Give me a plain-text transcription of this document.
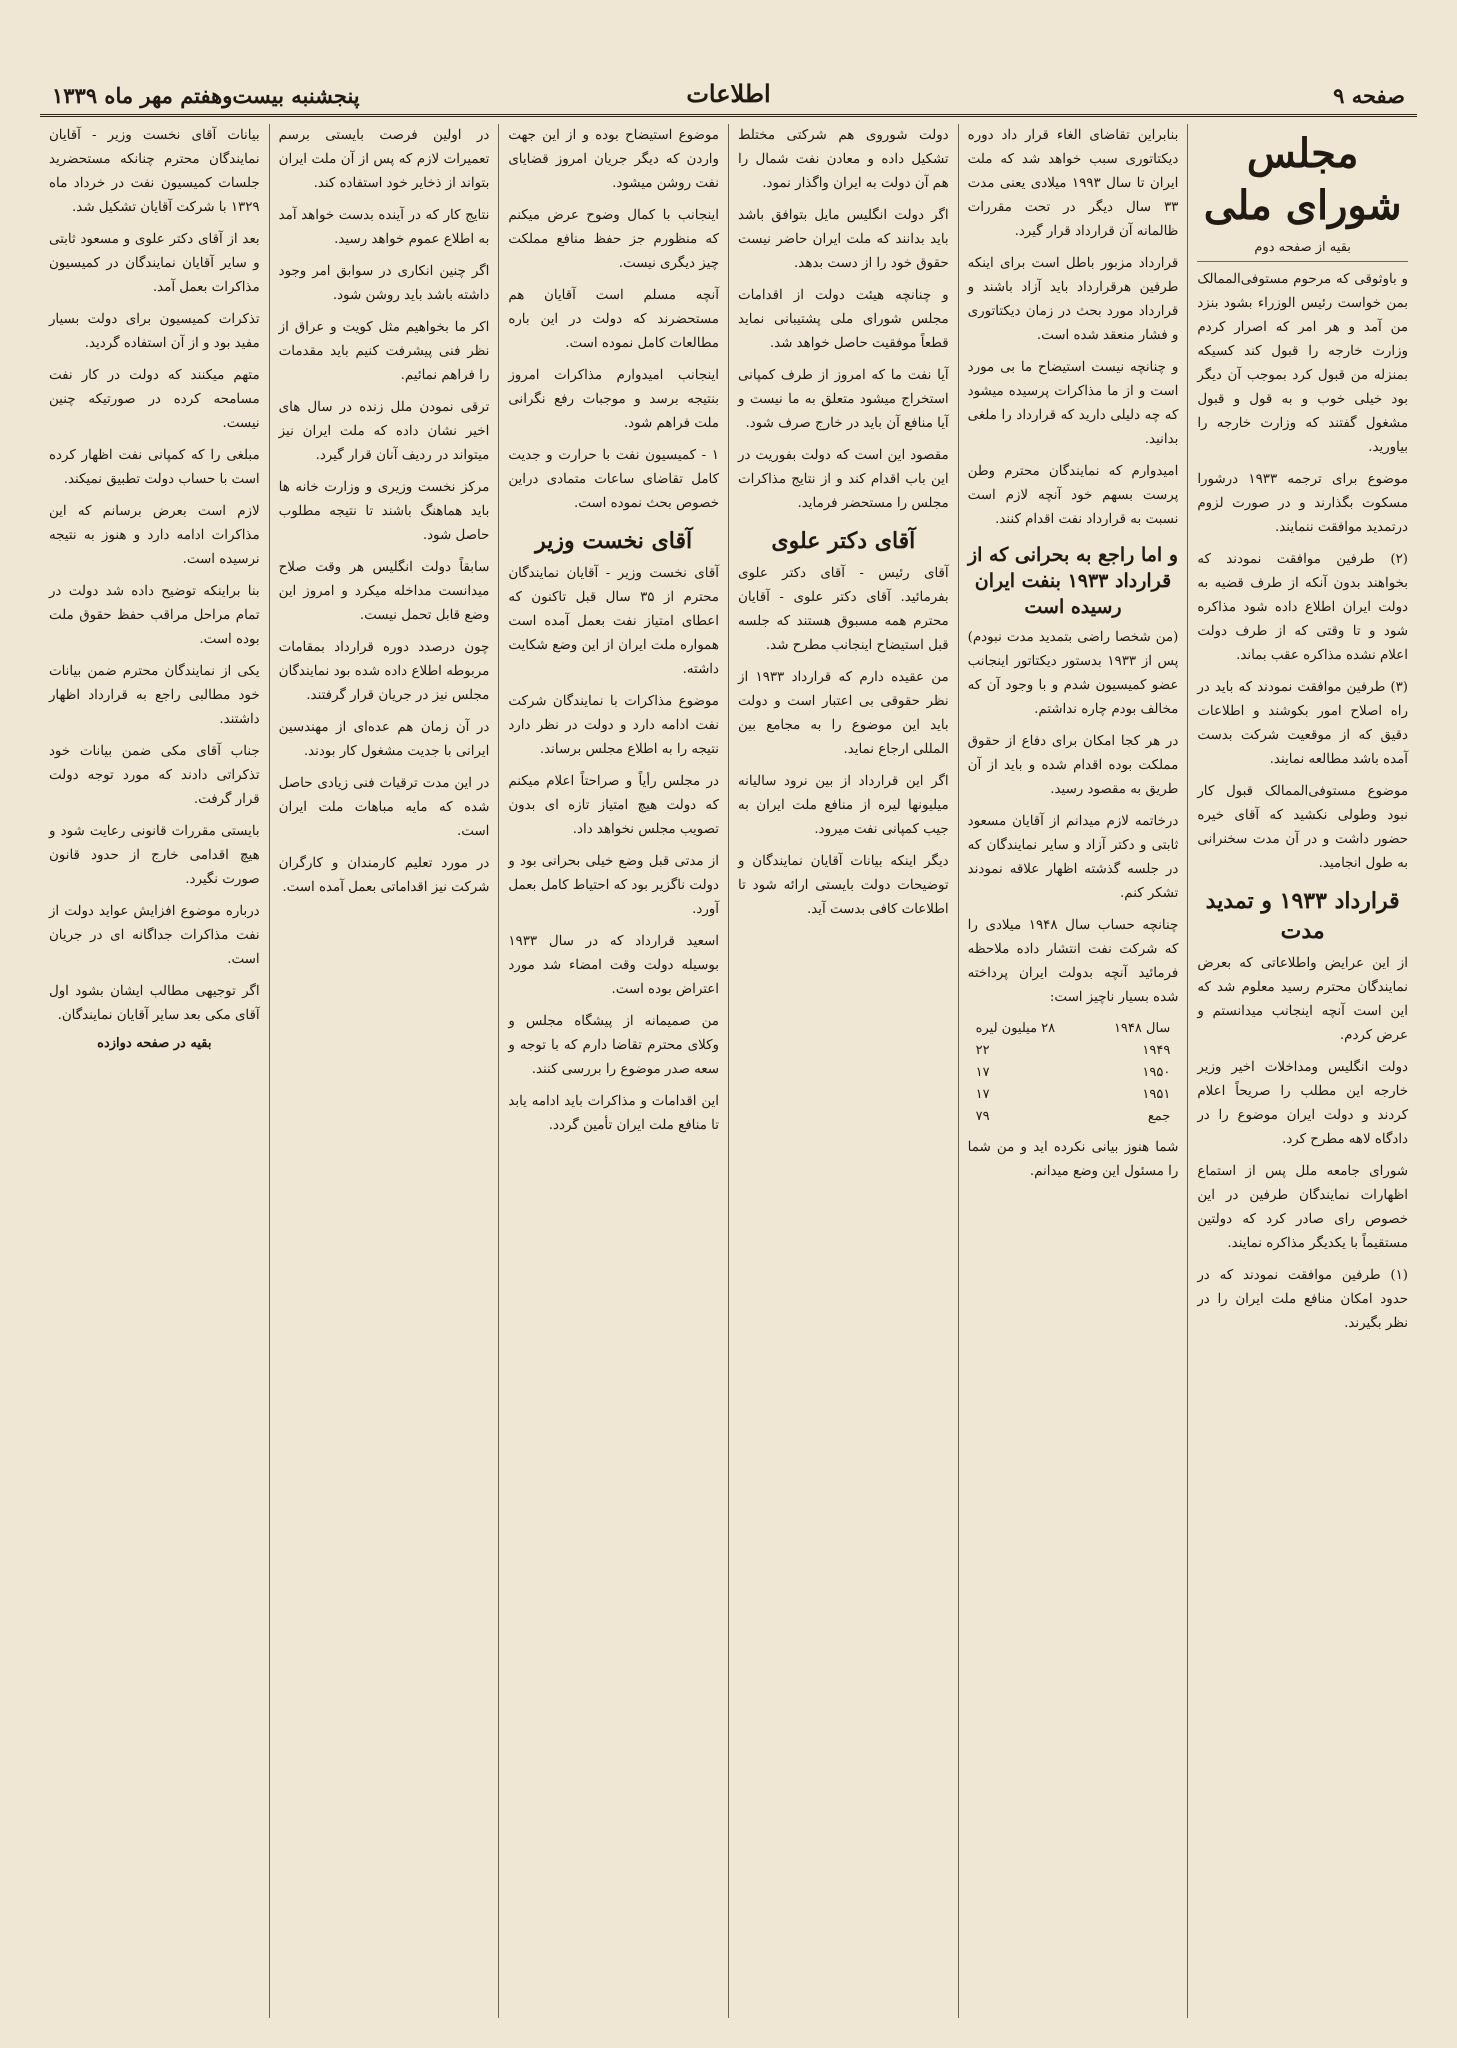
پنجشنبه بیست‌وهفتم مهر ماه ۱۳۳۹	اطلاعات	صفحه ۹
مجلس شورای ملی
بقیه از صفحه دوم

و باوثوقی که مرحوم مستوفی‌الممالک بمن خواست رئیس الوزراء بشود بنزد من آمد و هر امر که اصرار کردم وزارت خارجه را قبول کند کسیکه بمنزله من قبول کرد بموجب آن دیگر بود خیلی خوب و به قول و قبول مشغول گفتند که وزارت خارجه را بیاورید.

موضوع برای ترجمه ۱۹۳۳ درشورا مسکوت بگذارند و در صورت لزوم درتمدید موافقت ننمایند.

(۲) طرفین موافقت نمودند که بخواهند بدون آنکه از طرف قضیه به دولت ایران اطلاع داده شود مذاکره شود و تا وقتی که از طرف دولت اعلام نشده مذاکره عقب بماند.

(۳) طرفین موافقت نمودند که باید در راه اصلاح امور بکوشند و اطلاعات دقیق که از موقعیت شرکت بدست آمده باشد مطالعه نمایند.

موضوع مستوفی‌الممالک قبول کار نبود وطولی نکشید که آقای خیره حضور داشت و در آن مدت سخنرانی به طول انجامید.

قرارداد ۱۹۳۳ و تمدید مدت

از این عرایض واطلاعاتی که بعرض نمایندگان محترم رسید معلوم شد که این است آنچه اینجانب میدانستم و عرض کردم.

دولت انگلیس ومداخلات اخیر وزیر خارجه این مطلب را صریحاً اعلام کردند و دولت ایران موضوع را در دادگاه لاهه مطرح کرد.

شورای جامعه ملل پس از استماع اظهارات نمایندگان طرفین در این خصوص رای صادر کرد که دولتین مستقیماً با یکدیگر مذاکره نمایند.

(۱) طرفین موافقت نمودند که در حدود امکان منافع ملت ایران را در نظر بگیرند.

بنابراین تقاضای الغاء قرار داد دوره دیکتاتوری سبب خواهد شد که ملت ایران تا سال ۱۹۹۳ میلادی یعنی مدت ۳۳ سال دیگر در تحت مقررات ظالمانه آن قرارداد قرار گیرد.

قرارداد مزبور باطل است برای اینکه طرفین هرقرارداد باید آزاد باشند و قرارداد مورد بحث در زمان دیکتاتوری و فشار منعقد شده است.

و چنانچه نیست استیضاح ما بی مورد است و از ما مذاکرات پرسیده میشود که چه دلیلی دارید که قرارداد را ملغی بدانید.

امیدوارم که نمایندگان محترم وطن پرست بسهم خود آنچه لازم است نسبت به قرارداد نفت اقدام کنند.

و اما راجع به بحرانی که از قرارداد ۱۹۳۳ بنفت ایران رسیده است

(من شخصا راضی بتمدید مدت نبودم) پس از ۱۹۳۳ بدستور دیکتاتور اینجانب عضو کمیسیون شدم و با وجود آن که مخالف بودم چاره نداشتم.

در هر کجا امکان برای دفاع از حقوق مملکت بوده اقدام شده و باید از آن طریق به مقصود رسید.

درخاتمه لازم میدانم از آقایان مسعود ثابتی و دکتر آزاد و سایر نمایندگان که در جلسه گذشته اظهار علاقه نمودند تشکر کنم.

چنانچه حساب سال ۱۹۴۸ میلادی را که شرکت نفت انتشار داده ملاحظه فرمائید آنچه بدولت ایران پرداخته شده بسیار ناچیز است:

سال ۱۹۴۸
۲۸ میلیون لیره
۱۹۴۹
۲۲
۱۹۵۰
۱۷
۱۹۵۱
۱۷
جمع
۷۹

شما هنوز بیانی نکرده اید و من شما را مسئول این وضع میدانم.

دولت شوروی هم شرکتی مختلط تشکیل داده و معادن نفت شمال را هم آن دولت به ایران واگذار نمود.

اگر دولت انگلیس مایل بتوافق باشد باید بدانند که ملت ایران حاضر نیست حقوق خود را از دست بدهد.

و چنانچه هیئت دولت از اقدامات مجلس شورای ملی پشتیبانی نماید قطعاً موفقیت حاصل خواهد شد.

آیا نفت ما که امروز از طرف کمپانی استخراج میشود متعلق به ما نیست و آیا منافع آن باید در خارج صرف شود.

مقصود این است که دولت بفوریت در این باب اقدام کند و از نتایج مذاکرات مجلس را مستحضر فرماید.

آقای دکتر علوی

آقای رئیس - آقای دکتر علوی بفرمائید. آقای دکتر علوی - آقایان محترم همه مسبوق هستند که جلسه قبل استیضاح اینجانب مطرح شد.

من عقیده دارم که قرارداد ۱۹۳۳ از نظر حقوقی بی اعتبار است و دولت باید این موضوع را به مجامع بین المللی ارجاع نماید.

اگر این قرارداد از بین نرود سالیانه میلیونها لیره از منافع ملت ایران به جیب کمپانی نفت میرود.

دیگر اینکه بیانات آقایان نمایندگان و توضیحات دولت بایستی ارائه شود تا اطلاعات کافی بدست آید.

موضوع استیضاح بوده و از این جهت واردن که دیگر جریان امروز قضایای نفت روشن میشود.

اینجانب با کمال وضوح عرض میکنم که منظورم جز حفظ منافع مملکت چیز دیگری نیست.

آنچه مسلم است آقایان هم مستحضرند که دولت در این باره مطالعات کامل نموده است.

اینجانب امیدوارم مذاکرات امروز بنتیجه برسد و موجبات رفع نگرانی ملت فراهم شود.

۱ - کمیسیون نفت با حرارت و جدیت کامل تقاضای ساعات متمادی دراین خصوص بحث نموده است.

آقای نخست وزیر

آقای نخست وزیر - آقایان نمایندگان محترم از ۳۵ سال قبل تاکنون که اعطای امتیاز نفت بعمل آمده است همواره ملت ایران از این وضع شکایت داشته.

موضوع مذاکرات با نمایندگان شرکت نفت ادامه دارد و دولت در نظر دارد نتیجه را به اطلاع مجلس برساند.

در مجلس رأیاً و صراحتاً اعلام میکنم که دولت هیچ امتیاز تازه ای بدون تصویب مجلس نخواهد داد.

از مدتی قبل وضع خیلی بحرانی بود و دولت ناگزیر بود که احتیاط کامل بعمل آورد.

اسعید قرارداد که در سال ۱۹۳۳ بوسیله دولت وقت امضاء شد مورد اعتراض بوده است.

من صمیمانه از پیشگاه مجلس و وکلای محترم تقاضا دارم که با توجه و سعه صدر موضوع را بررسی کنند.

این اقدامات و مذاکرات باید ادامه یابد تا منافع ملت ایران تأمین گردد.

در اولین فرصت بایستی برسم تعمیرات لازم که پس از آن ملت ایران بتواند از ذخایر خود استفاده کند.

نتایج کار که در آینده بدست خواهد آمد به اطلاع عموم خواهد رسید.

اگر چنین انکاری در سوابق امر وجود داشته باشد باید روشن شود.

اکر ما بخواهیم مثل کویت و عراق از نظر فنی پیشرفت کنیم باید مقدمات را فراهم نمائیم.

ترقی نمودن ملل زنده در سال های اخیر نشان داده که ملت ایران نیز میتواند در ردیف آنان قرار گیرد.

مرکز نخست وزیری و وزارت خانه ها باید هماهنگ باشند تا نتیجه مطلوب حاصل شود.

سابقاً دولت انگلیس هر وقت صلاح میدانست مداخله میکرد و امروز این وضع قابل تحمل نیست.

چون درصدد دوره قرارداد بمقامات مربوطه اطلاع داده شده بود نمایندگان مجلس نیز در جریان قرار گرفتند.

در آن زمان هم عده‌ای از مهندسین ایرانی با جدیت مشغول کار بودند.

در این مدت ترقیات فنی زیادی حاصل شده که مایه مباهات ملت ایران است.

در مورد تعلیم کارمندان و کارگران شرکت نیز اقداماتی بعمل آمده است.

بیانات آقای نخست وزیر - آقایان نمایندگان محترم چنانکه مستحضرید جلسات کمیسیون نفت در خرداد ماه ۱۳۲۹ با شرکت آقایان تشکیل شد.

بعد از آقای دکتر علوی و مسعود ثابتی و سایر آقایان نمایندگان در کمیسیون مذاکرات بعمل آمد.

تذکرات کمیسیون برای دولت بسیار مفید بود و از آن استفاده گردید.

متهم میکنند که دولت در کار نفت مسامحه کرده در صورتیکه چنین نیست.

مبلغی را که کمپانی نفت اظهار کرده است با حساب دولت تطبیق نمیکند.

لازم است بعرض برسانم که این مذاکرات ادامه دارد و هنوز به نتیجه نرسیده است.

بنا براینکه توضیح داده شد دولت در تمام مراحل مراقب حفظ حقوق ملت بوده است.

یکی از نمایندگان محترم ضمن بیانات خود مطالبی راجع به قرارداد اظهار داشتند.

جناب آقای مکی ضمن بیانات خود تذکراتی دادند که مورد توجه دولت قرار گرفت.

بایستی مقررات قانونی رعایت شود و هیچ اقدامی خارج از حدود قانون صورت نگیرد.

درباره موضوع افزایش عواید دولت از نفت مذاکرات جداگانه ای در جریان است.

اگر توجیهی مطالب ایشان بشود اول آقای مکی بعد سایر آقایان نمایندگان.

بقیه در صفحه دوازده
